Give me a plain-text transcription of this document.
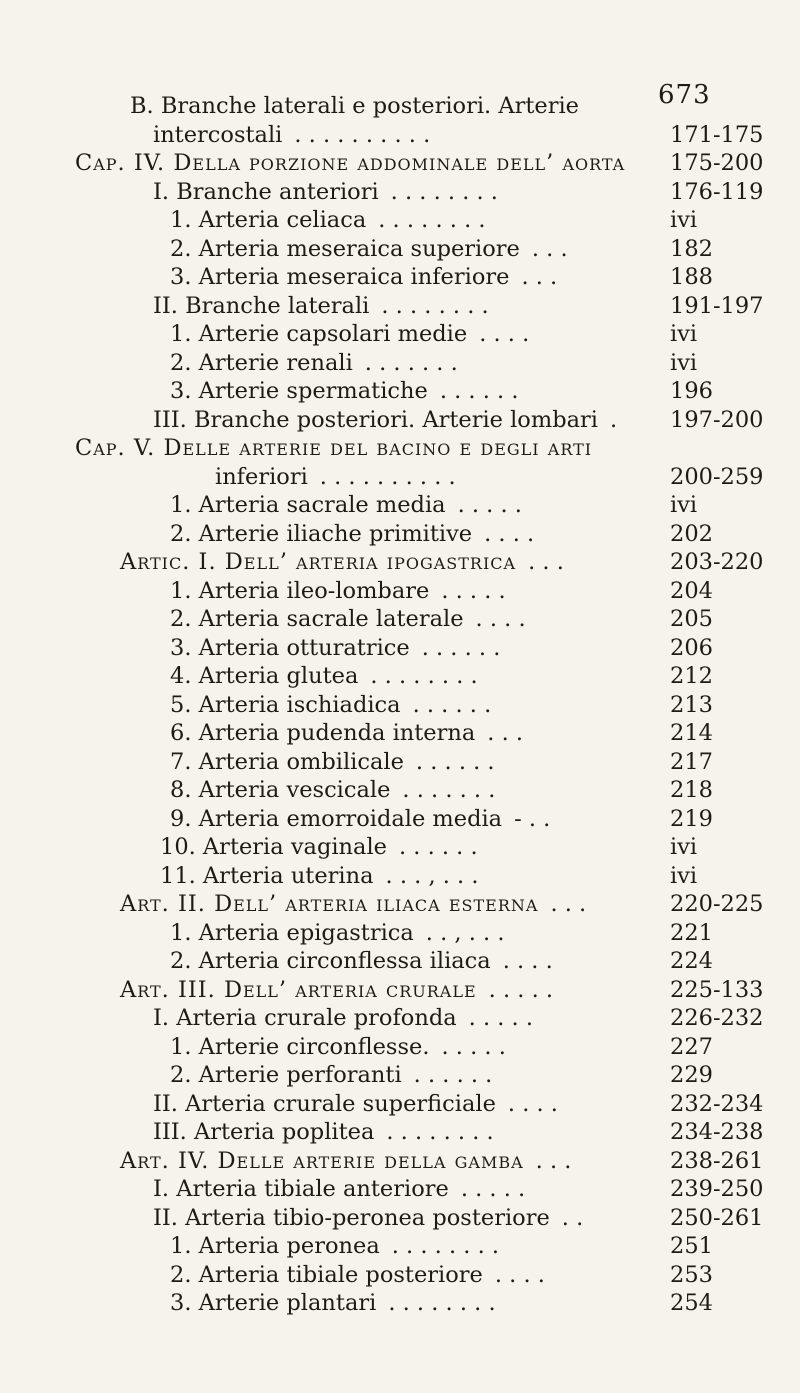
673
B. Branche laterali e posteriori. Arterie
intercostali . . . . . . . . . .	171-175
Cap. IV. Della porzione addominale dell’ aorta	175-200
I. Branche anteriori . . . . . . . .	176-119
1. Arteria celiaca . . . . . . . .	ivi
2. Arteria meseraica superiore . . .	182
3. Arteria meseraica inferiore . . .	188
II. Branche laterali . . . . . . . .	191-197
1. Arterie capsolari medie . . . .	ivi
2. Arterie renali . . . . . . .	ivi
3. Arterie spermatiche . . . . . .	196
III. Branche posteriori. Arterie lombari . 197-200
Cap. V. Delle arterie del bacino e degli arti
inferiori . . . . . . . . . .	200-259
1. Arteria sacrale media . . . . .	ivi
2. Arterie iliache primitive . . . .	202
Artic. I. Dell’ arteria ipogastrica . . .	203-220
1. Arteria ileo-lombare . . . . .	204
2. Arteria sacrale laterale . . . .	205
3. Arteria otturatrice . . . . . .	206
4. Arteria glutea . . . . . . . .	212
5. Arteria ischiadica . . . . . .	213
6. Arteria pudenda interna . . .	214
7. Arteria ombilicale . . . . . .	217
8. Arteria vescicale . . . . . . .	218
9. Arteria emorroidale media - . .	219
10. Arteria vaginale . . . . . .	ivi
11. Arteria uterina . . . , . . .	ivi
Art. II. Dell’ arteria iliaca esterna . . .	220-225
1. Arteria epigastrica . . , . . .	221
2. Arteria circonflessa iliaca . . . .	224
Art. III. Dell’ arteria crurale . . . . .	225-133
I. Arteria crurale profonda . . . . .	226-232
1. Arterie circonflesse. . . . . .	227
2. Arterie perforanti . . . . . .	229
II. Arteria crurale superficiale . . . .	232-234
III. Arteria poplitea . . . . . . . .	234-238
Art. IV. Delle arterie della gamba . . .	238-261
I. Arteria tibiale anteriore . . . . .	239-250
II. Arteria tibio-peronea posteriore . .	250-261
1. Arteria peronea . . . . . . . .	251
2. Arteria tibiale posteriore . . . .	253
3. Arterie plantari . . . . . . . .	254
